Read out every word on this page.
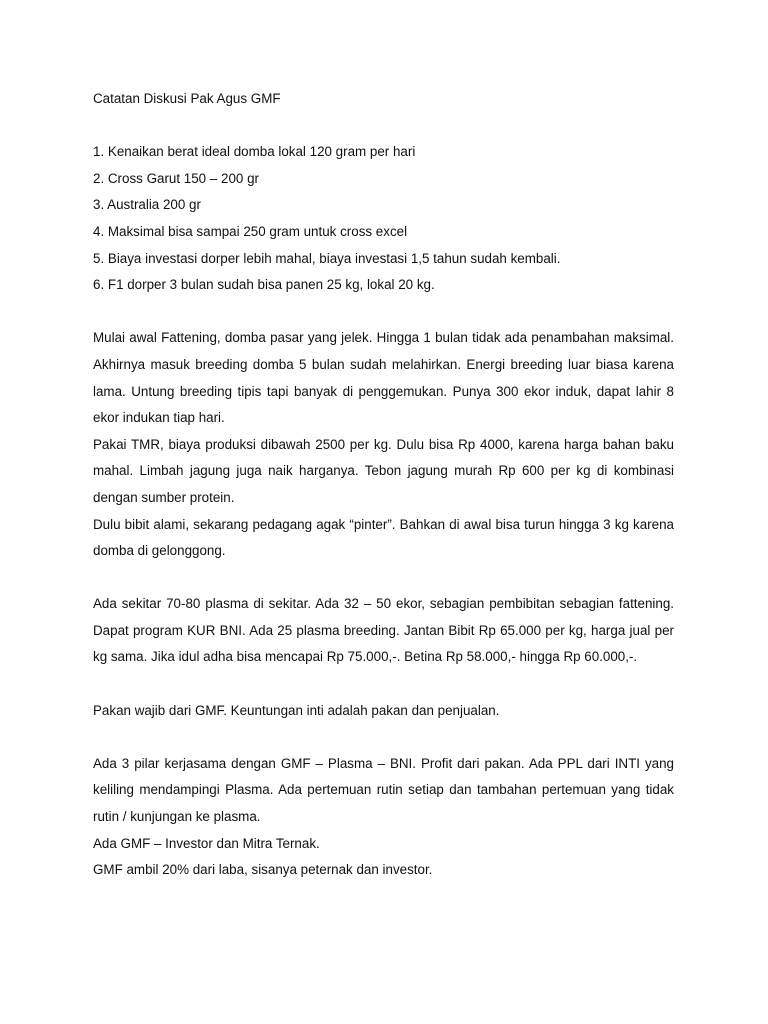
Catatan Diskusi Pak Agus GMF

1. Kenaikan berat ideal domba lokal 120 gram per hari
2. Cross Garut 150 – 200 gr
3. Australia 200 gr
4. Maksimal bisa sampai 250 gram untuk cross excel
5. Biaya investasi dorper lebih mahal, biaya investasi 1,5 tahun sudah kembali.
6. F1 dorper 3 bulan sudah bisa panen 25 kg, lokal 20 kg.

Mulai awal Fattening, domba pasar yang jelek. Hingga 1 bulan tidak ada penambahan maksimal. Akhirnya masuk breeding domba 5 bulan sudah melahirkan. Energi breeding luar biasa karena lama. Untung breeding tipis tapi banyak di penggemukan. Punya 300 ekor induk, dapat lahir 8 ekor indukan tiap hari.

Pakai TMR, biaya produksi dibawah 2500 per kg. Dulu bisa Rp 4000, karena harga bahan baku mahal. Limbah jagung juga naik harganya. Tebon jagung murah Rp 600 per kg di kombinasi dengan sumber protein.

Dulu bibit alami, sekarang pedagang agak “pinter”. Bahkan di awal bisa turun hingga 3 kg karena domba di gelonggong.

Ada sekitar 70-80 plasma di sekitar. Ada 32 – 50 ekor, sebagian pembibitan sebagian fattening. Dapat program KUR BNI. Ada 25 plasma breeding. Jantan Bibit Rp 65.000 per kg, harga jual per kg sama. Jika idul adha bisa mencapai Rp 75.000,-. Betina Rp 58.000,- hingga Rp 60.000,-.

Pakan wajib dari GMF. Keuntungan inti adalah pakan dan penjualan.

Ada 3 pilar kerjasama dengan GMF – Plasma – BNI. Profit dari pakan. Ada PPL dari INTI yang keliling mendampingi Plasma. Ada pertemuan rutin setiap dan tambahan pertemuan yang tidak rutin / kunjungan ke plasma.

Ada GMF – Investor dan Mitra Ternak.

GMF ambil 20% dari laba, sisanya peternak dan investor.
